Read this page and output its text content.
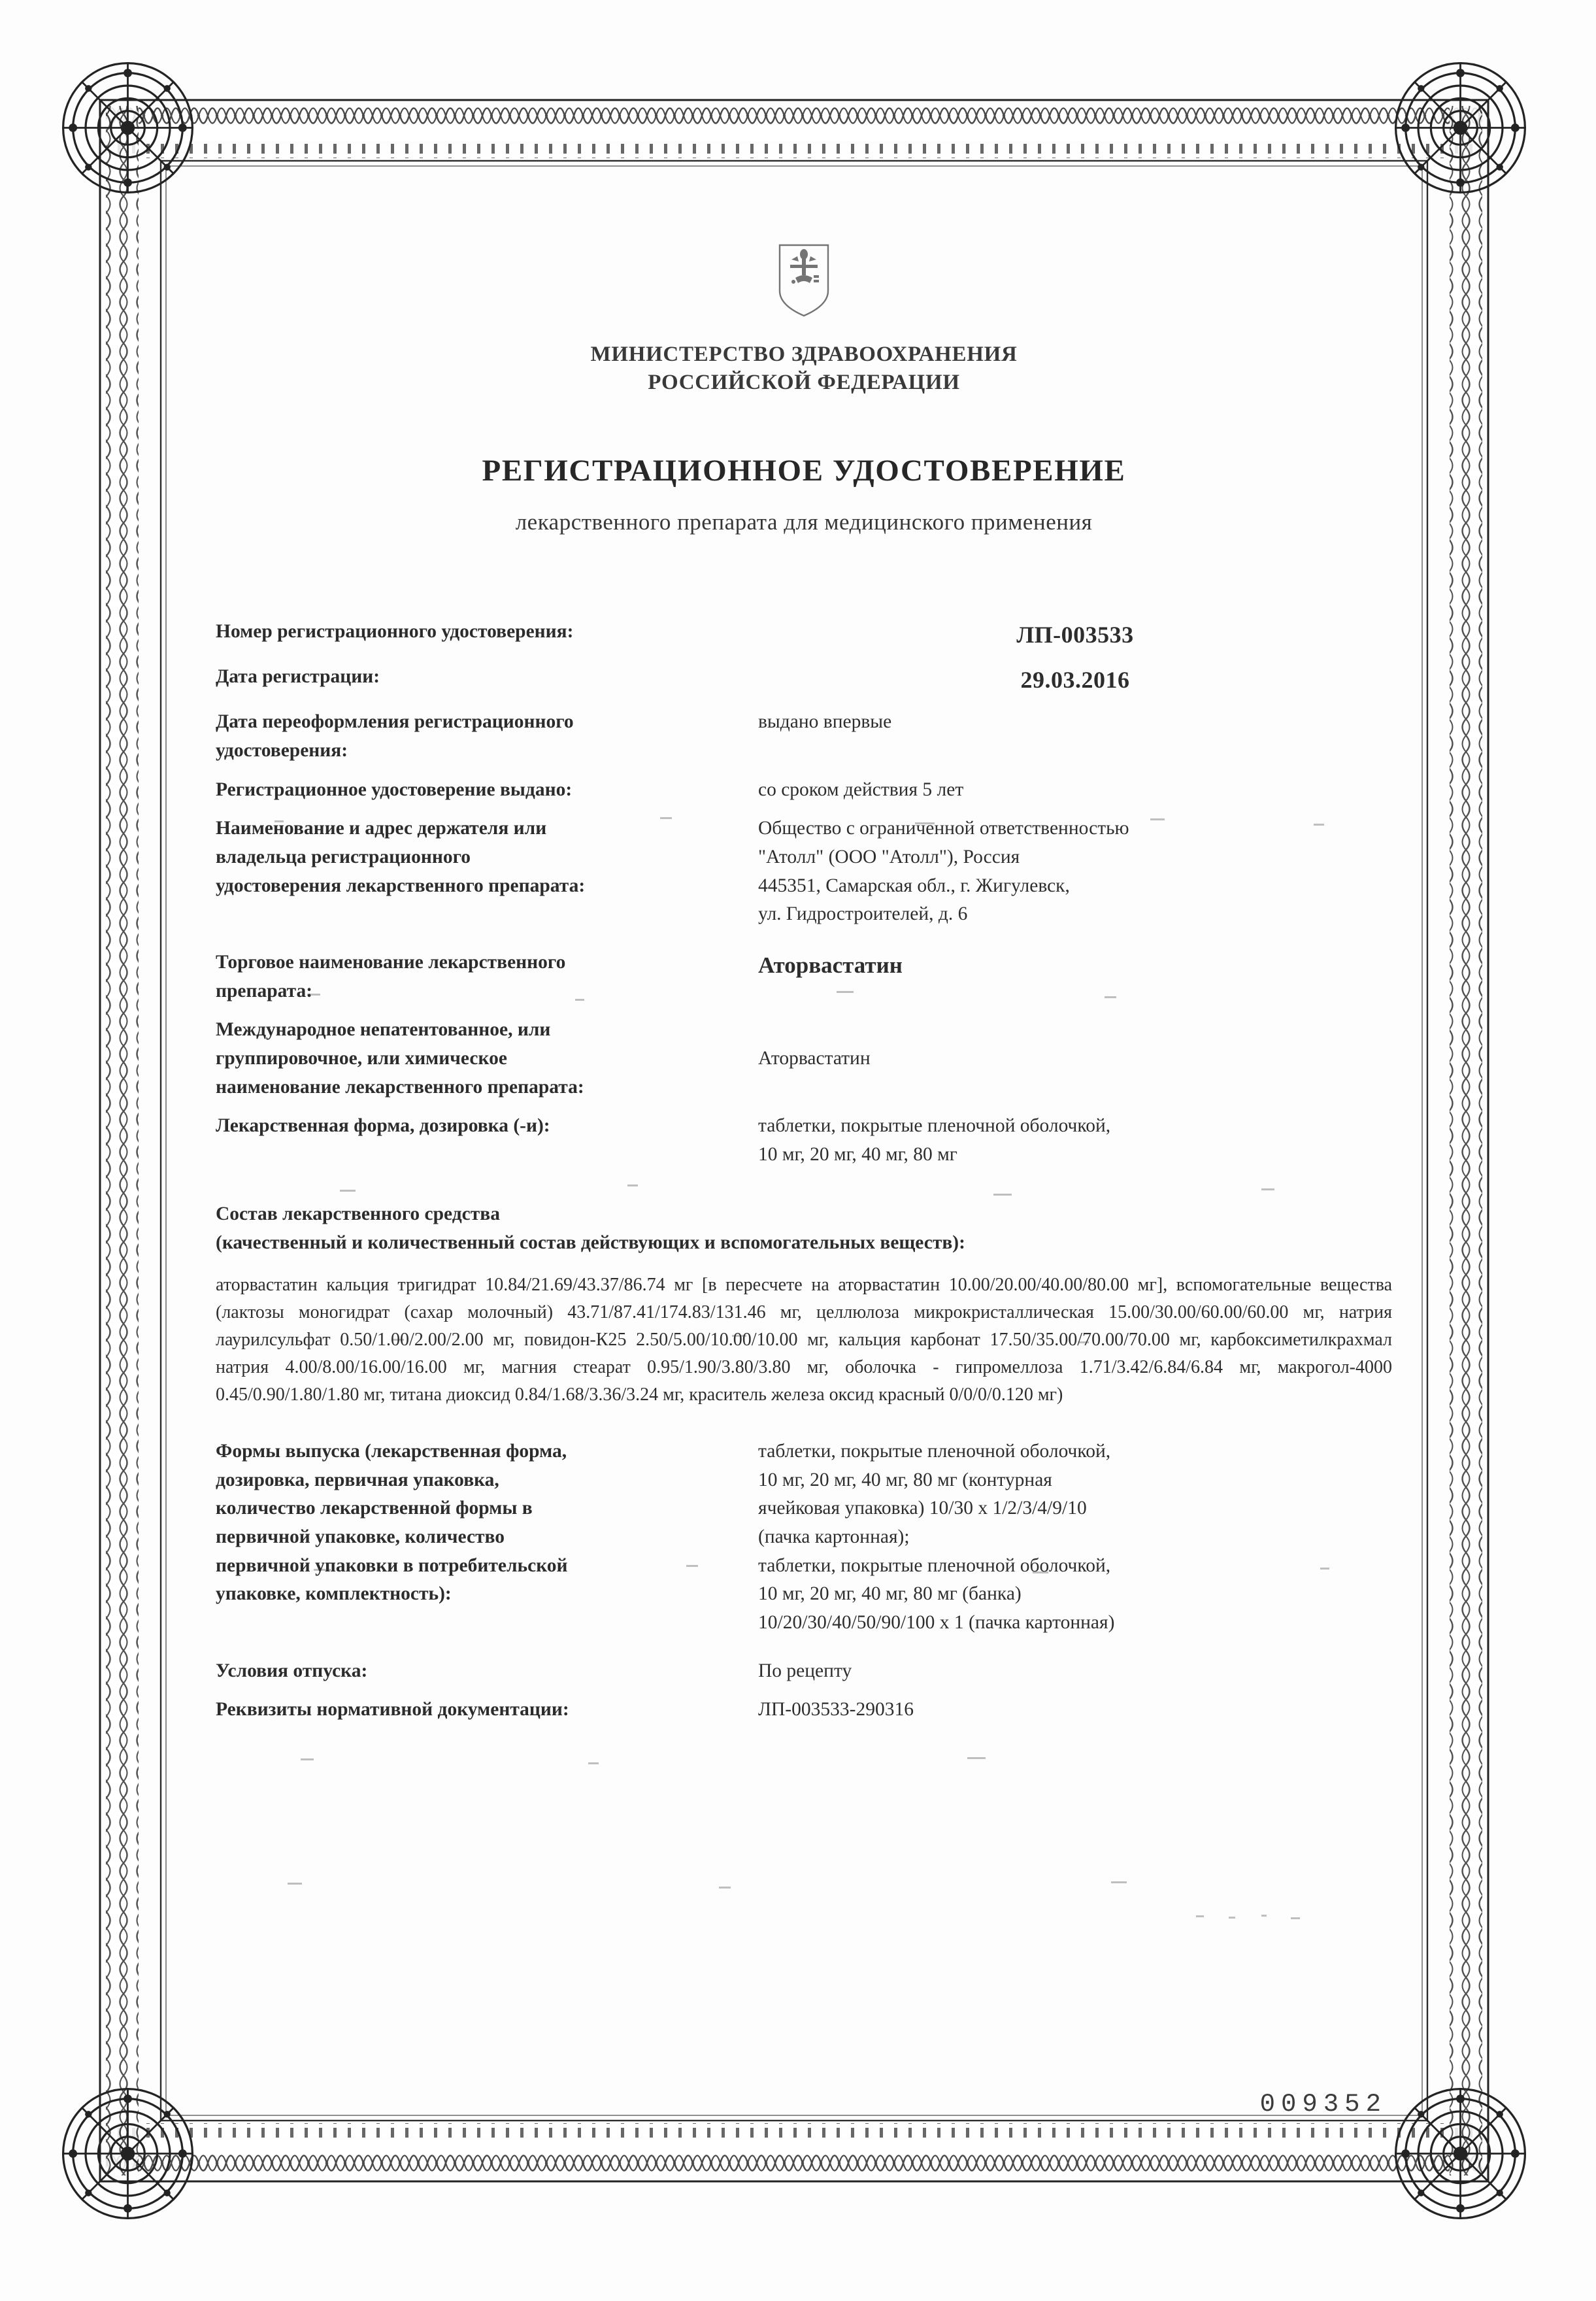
МИНИСТЕРСТВО ЗДРАВООХРАНЕНИЯ
РОССИЙСКОЙ ФЕДЕРАЦИИ
РЕГИСТРАЦИОННОЕ УДОСТОВЕРЕНИЕ
лекарственного препарата для медицинского применения
Номер регистрационного удостоверения:	ЛП-003533
Дата регистрации:	29.03.2016
Дата переоформления регистрационного
удостоверения:
выдано впервые
Регистрационное удостоверение выдано:	со сроком действия 5 лет
Наименование и адрес держателя или
владельца регистрационного
удостоверения лекарственного препарата:
Общество с ограниченной ответственностью
"Атолл" (ООО "Атолл"), Россия
445351, Самарская обл., г. Жигулевск,
ул. Гидростроителей, д. 6
Торговое наименование лекарственного
препарата:
Аторвастатин
Международное непатентованное, или
группировочное, или химическое
наименование лекарственного препарата:
Аторвастатин
Лекарственная форма, дозировка (-и):	таблетки, покрытые пленочной оболочкой,
10 мг, 20 мг, 40 мг, 80 мг
Состав лекарственного средства
(качественный и количественный состав действующих и вспомогательных веществ):
аторвастатин кальция тригидрат 10.84/21.69/43.37/86.74 мг [в пересчете на аторвастатин 10.00/20.00/40.00/80.00 мг], вспомогательные вещества (лактозы моногидрат (сахар молочный) 43.71/87.41/174.83/131.46 мг, целлюлоза микрокристаллическая 15.00/30.00/60.00/60.00 мг, натрия лаурилсульфат 0.50/1.00/2.00/2.00 мг, повидон-К25 2.50/5.00/10.00/10.00 мг, кальция карбонат 17.50/35.00/70.00/70.00 мг, карбоксиметилкрахмал натрия 4.00/8.00/16.00/16.00 мг, магния стеарат 0.95/1.90/3.80/3.80 мг, оболочка - гипромеллоза 1.71/3.42/6.84/6.84 мг, макрогол-4000 0.45/0.90/1.80/1.80 мг, титана диоксид 0.84/1.68/3.36/3.24 мг, краситель железа оксид красный 0/0/0/0.120 мг)
Формы выпуска (лекарственная форма,
дозировка, первичная упаковка,
количество лекарственной формы в
первичной упаковке, количество
первичной упаковки в потребительской
упаковке, комплектность):
таблетки, покрытые пленочной оболочкой,
10 мг, 20 мг, 40 мг, 80 мг (контурная
ячейковая упаковка) 10/30 х 1/2/3/4/9/10
(пачка картонная);
таблетки, покрытые пленочной оболочкой,
10 мг, 20 мг, 40 мг, 80 мг (банка)
10/20/30/40/50/90/100 х 1 (пачка картонная)
Условия отпуска:	По рецепту
Реквизиты нормативной документации:	ЛП-003533-290316
009352
